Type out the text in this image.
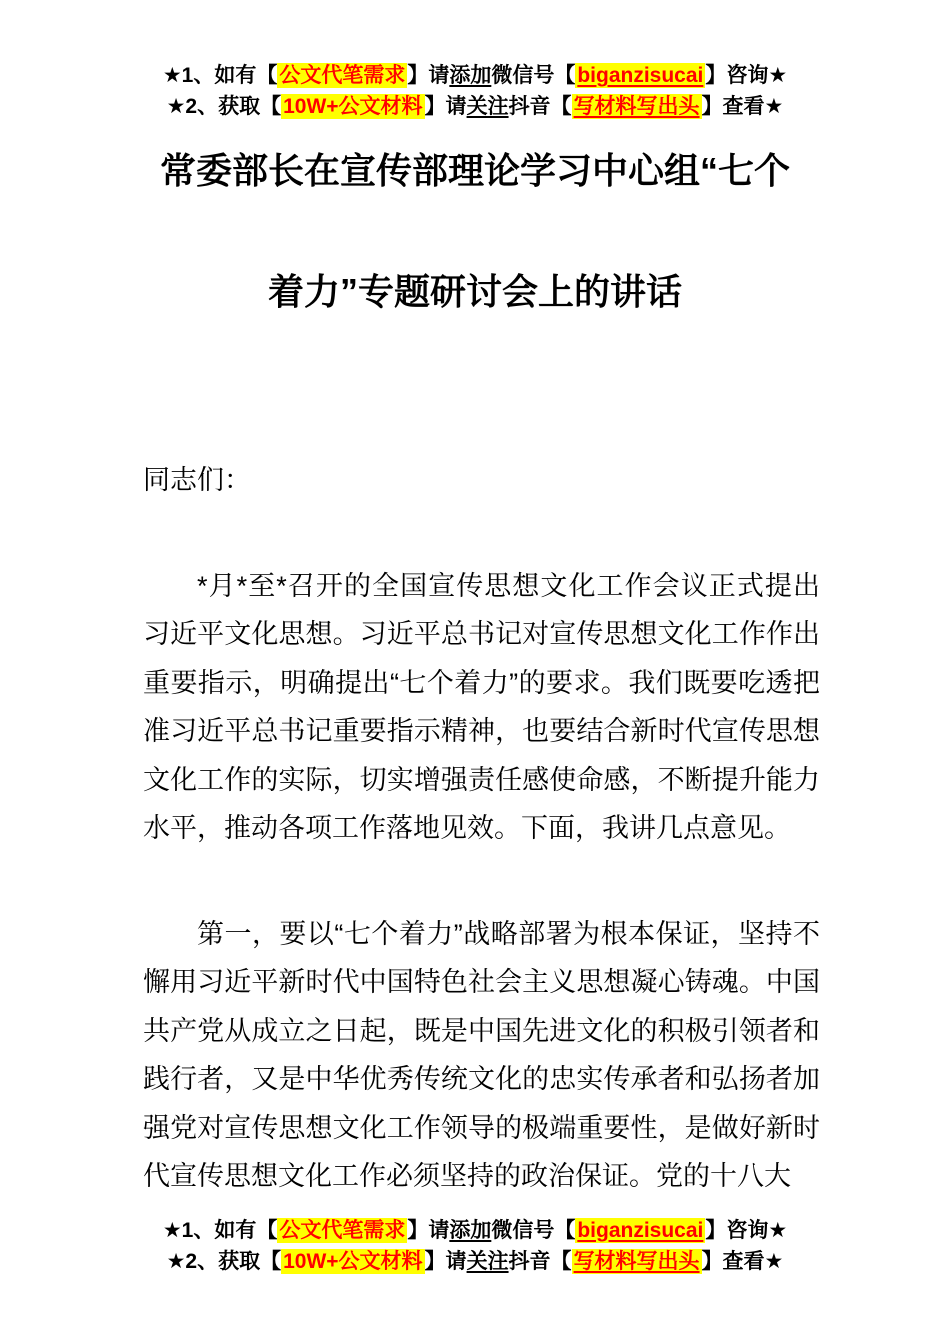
★1、如有【公文代笔需求】请添加微信号【biganzisucai】咨询★
★2、获取【10W+公文材料】请关注抖音【写材料写出头】查看★
常委部长在宣传部理论学习中心组“七个
着力”专题研讨会上的讲话

同志们：

*月*至*召开的全国宣传思想文化工作会议正式提出习近平文化思想。习近平总书记对宣传思想文化工作作出重要指示，明确提出“七个着力”的要求。我们既要吃透把准习近平总书记重要指示精神，也要结合新时代宣传思想文化工作的实际，切实增强责任感使命感，不断提升能力水平，推动各项工作落地见效。下面，我讲几点意见。

第一，要以“七个着力”战略部署为根本保证，坚持不懈用习近平新时代中国特色社会主义思想凝心铸魂。中国共产党从成立之日起，既是中国先进文化的积极引领者和践行者，又是中华优秀传统文化的忠实传承者和弘扬者加强党对宣传思想文化工作领导的极端重要性，是做好新时代宣传思想文化工作必须坚持的政治保证。党的十八大

★1、如有【公文代笔需求】请添加微信号【biganzisucai】咨询★
★2、获取【10W+公文材料】请关注抖音【写材料写出头】查看★
